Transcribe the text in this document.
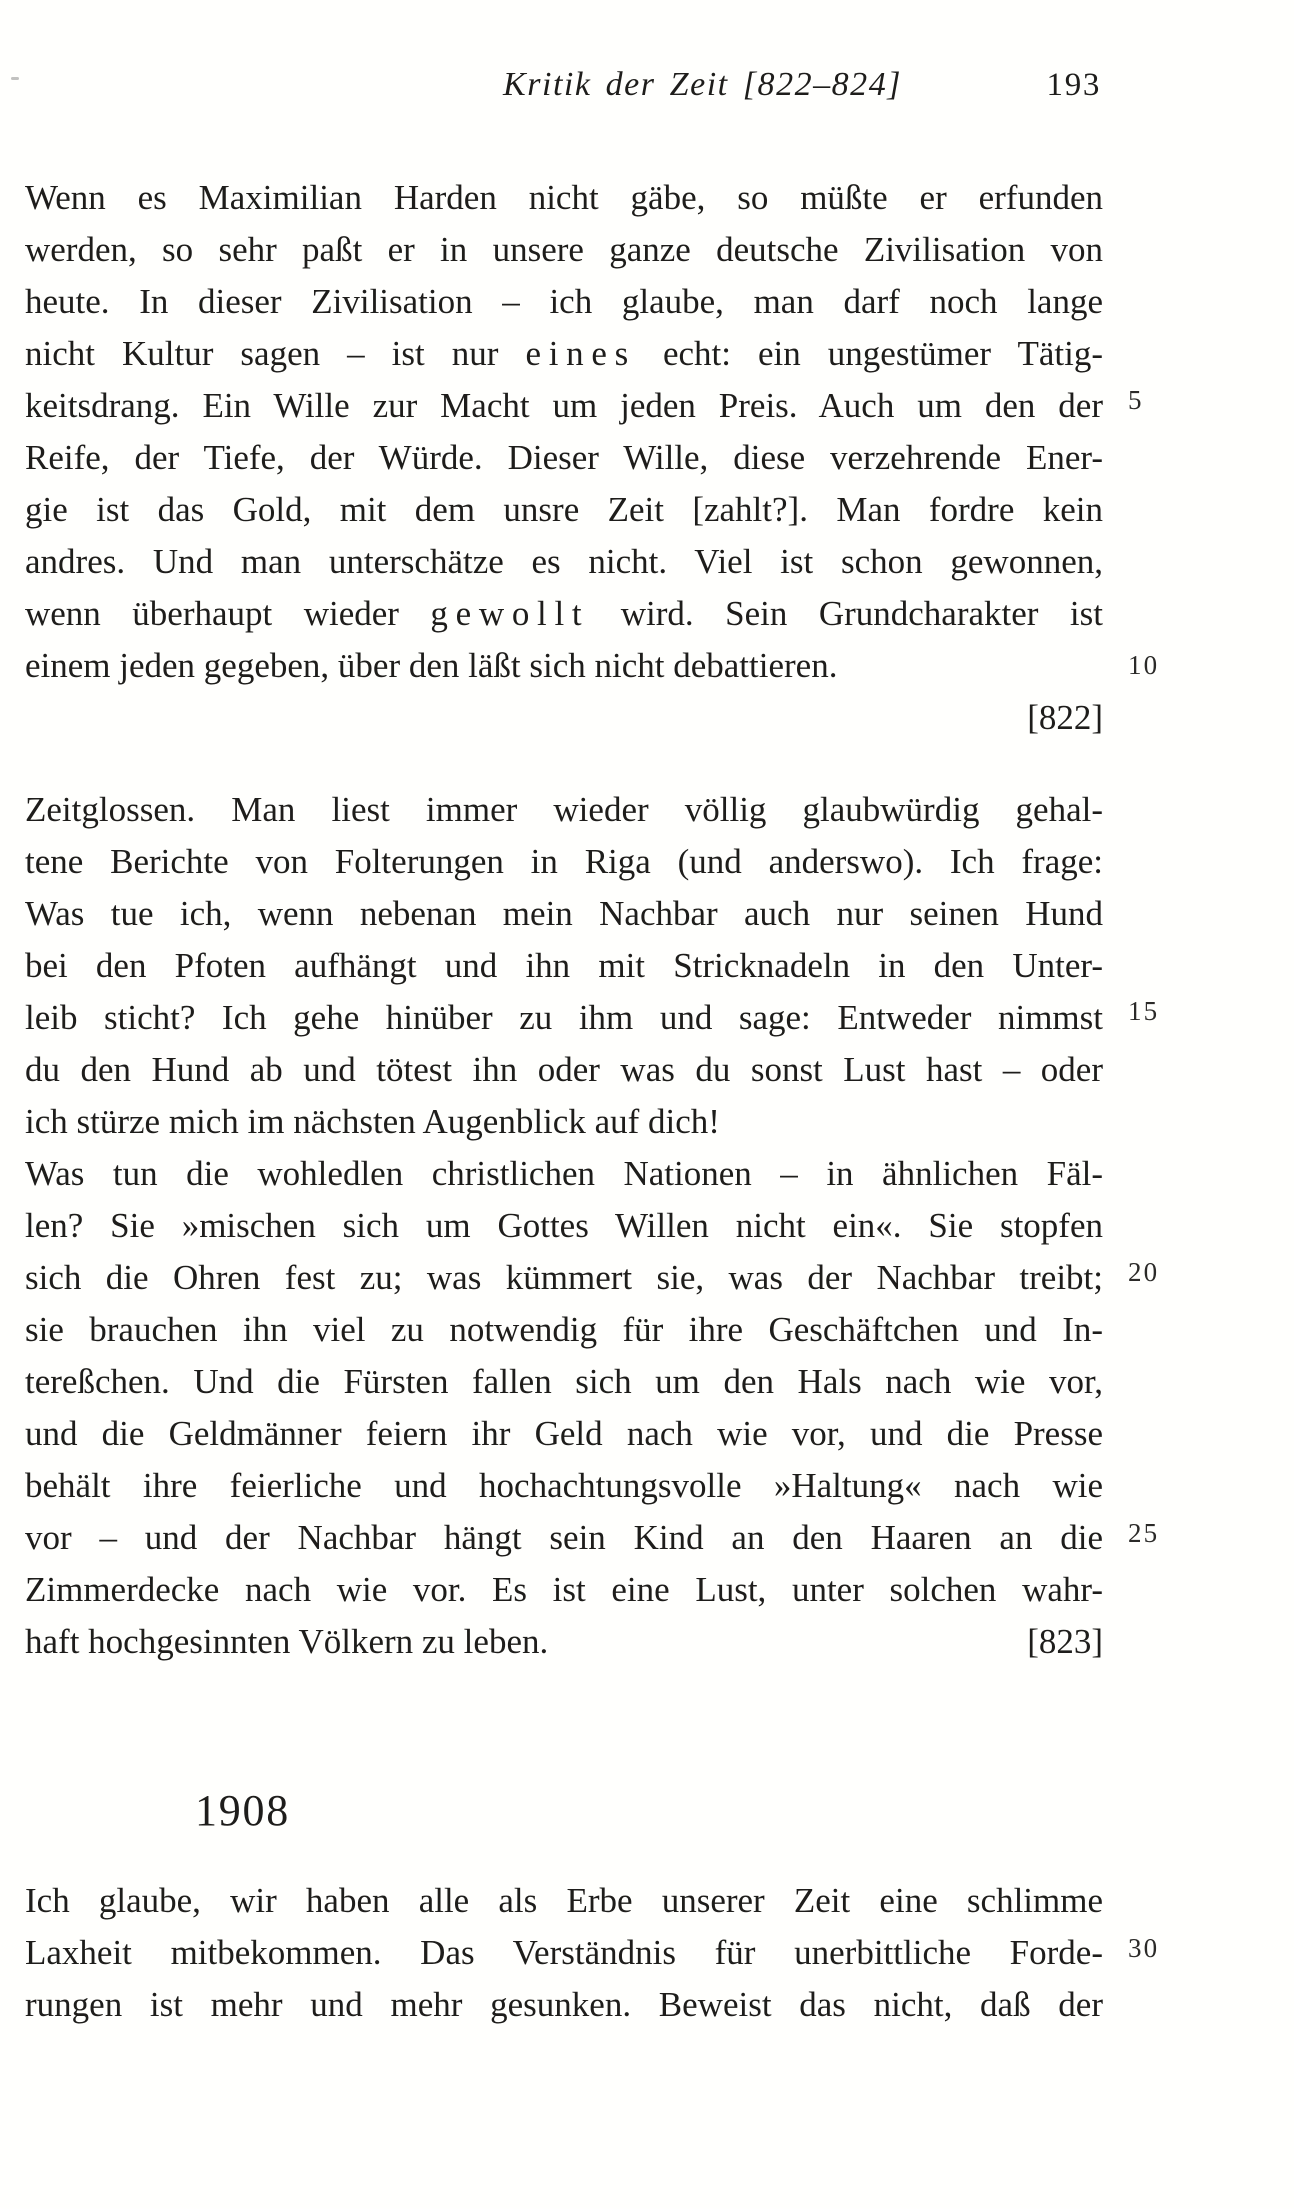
Kritik der Zeit [822–824]	193
Wenn es Maximilian Harden nicht gäbe, so müßte er erfunden
werden, so sehr paßt er in unsere ganze deutsche Zivilisation von
heute. In dieser Zivilisation – ich glaube, man darf noch lange
nicht Kultur sagen – ist nur eines echt: ein ungestümer Tätig-
keitsdrang. Ein Wille zur Macht um jeden Preis. Auch um den der
Reife, der Tiefe, der Würde. Dieser Wille, diese verzehrende Ener-
gie ist das Gold, mit dem unsre Zeit [zahlt?]. Man fordre kein
andres. Und man unterschätze es nicht. Viel ist schon gewonnen,
wenn überhaupt wieder gewollt wird. Sein Grundcharakter ist
einem jeden gegeben, über den läßt sich nicht debattieren.
[822]
Zeitglossen. Man liest immer wieder völlig glaubwürdig gehal-
tene Berichte von Folterungen in Riga (und anderswo). Ich frage:
Was tue ich, wenn nebenan mein Nachbar auch nur seinen Hund
bei den Pfoten aufhängt und ihn mit Stricknadeln in den Unter-
leib sticht? Ich gehe hinüber zu ihm und sage: Entweder nimmst
du den Hund ab und tötest ihn oder was du sonst Lust hast – oder
ich stürze mich im nächsten Augenblick auf dich!
Was tun die wohledlen christlichen Nationen – in ähnlichen Fäl-
len? Sie »mischen sich um Gottes Willen nicht ein«. Sie stopfen
sich die Ohren fest zu; was kümmert sie, was der Nachbar treibt;
sie brauchen ihn viel zu notwendig für ihre Geschäftchen und In-
tereßchen. Und die Fürsten fallen sich um den Hals nach wie vor,
und die Geldmänner feiern ihr Geld nach wie vor, und die Presse
behält ihre feierliche und hochachtungsvolle »Haltung« nach wie
vor – und der Nachbar hängt sein Kind an den Haaren an die
Zimmerdecke nach wie vor. Es ist eine Lust, unter solchen wahr-
haft hochgesinnten Völkern zu leben.	[823]
1908
Ich glaube, wir haben alle als Erbe unserer Zeit eine schlimme
Laxheit mitbekommen. Das Verständnis für unerbittliche Forde-
rungen ist mehr und mehr gesunken. Beweist das nicht, daß der
5
10
15
20
25
30
